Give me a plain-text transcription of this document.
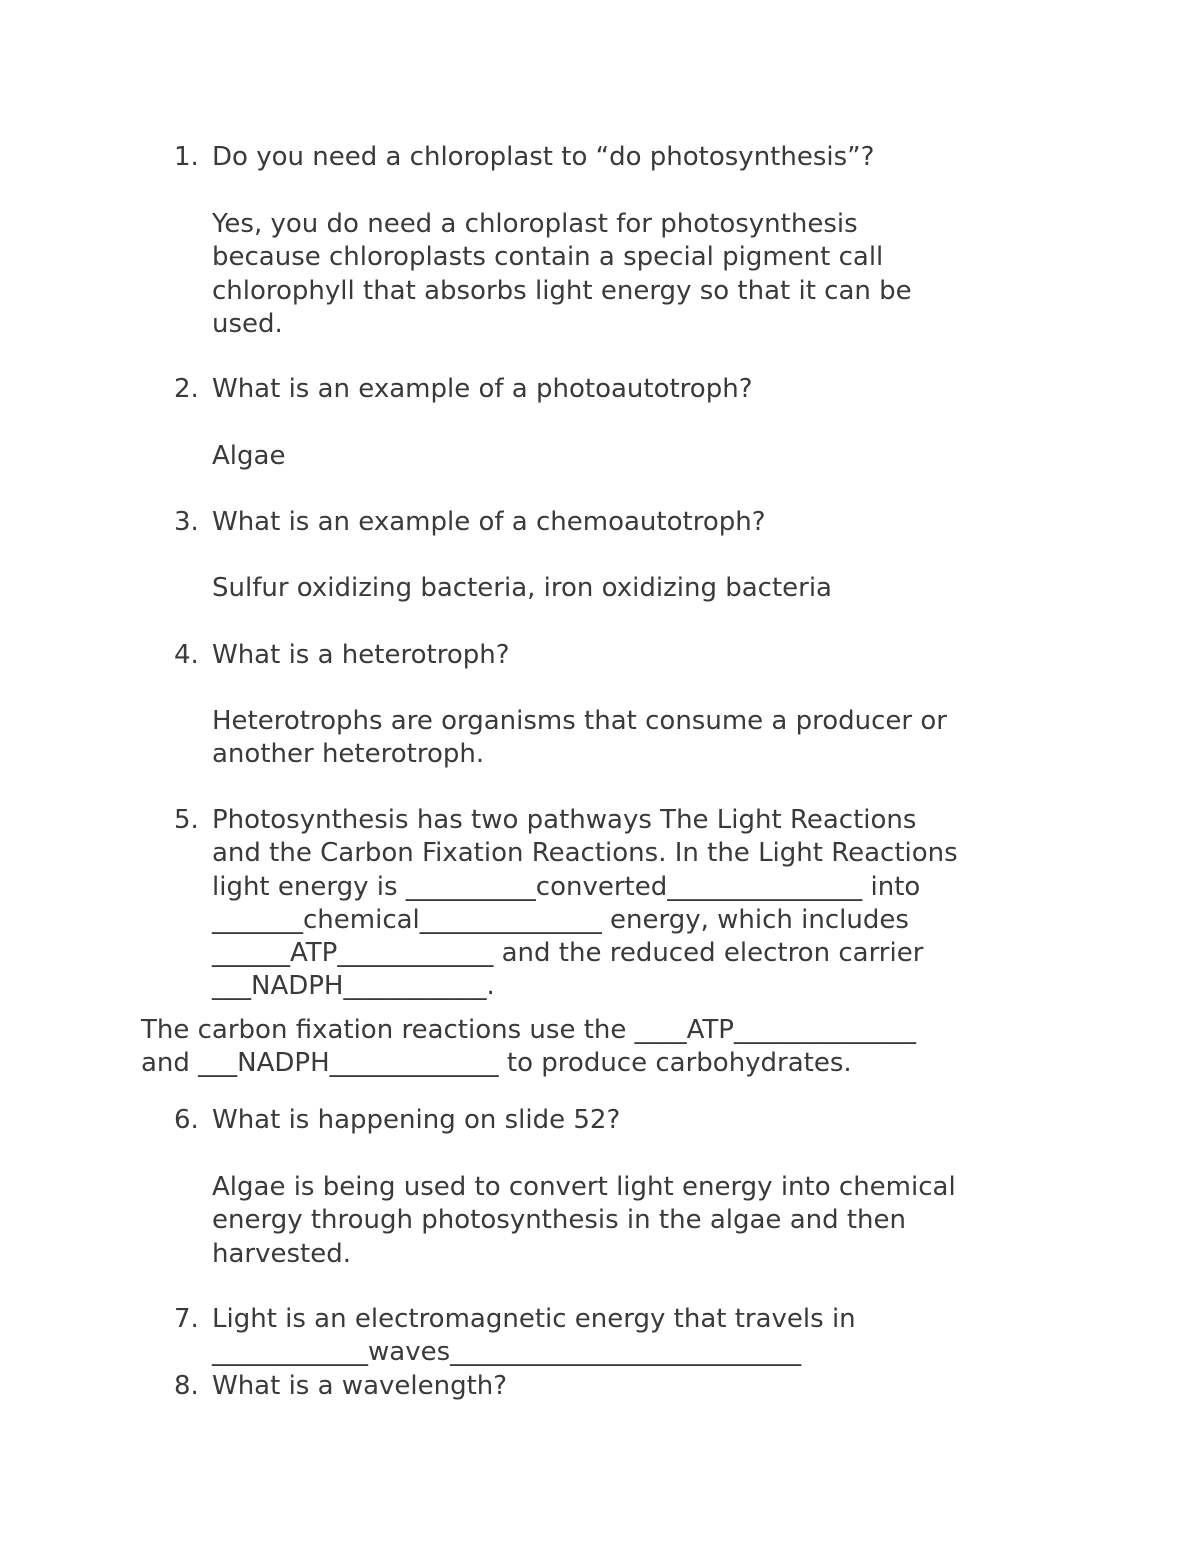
1. Do you need a chloroplast to “do photosynthesis”?
Yes, you do need a chloroplast for photosynthesis
because chloroplasts contain a special pigment call
chlorophyll that absorbs light energy so that it can be
used.
2. What is an example of a photoautotroph?
Algae
3. What is an example of a chemoautotroph?
Sulfur oxidizing bacteria, iron oxidizing bacteria
4. What is a heterotroph?
Heterotrophs are organisms that consume a producer or
another heterotroph.
5. Photosynthesis has two pathways The Light Reactions
and the Carbon Fixation Reactions. In the Light Reactions
light energy is __________converted_______________ into
_______chemical______________ energy, which includes
______ATP____________ and the reduced electron carrier
___NADPH___________.
The carbon fixation reactions use the ____ATP______________
and ___NADPH_____________ to produce carbohydrates.
6. What is happening on slide 52?
Algae is being used to convert light energy into chemical
energy through photosynthesis in the algae and then
harvested.
7. Light is an electromagnetic energy that travels in
____________waves___________________________
8. What is a wavelength?
